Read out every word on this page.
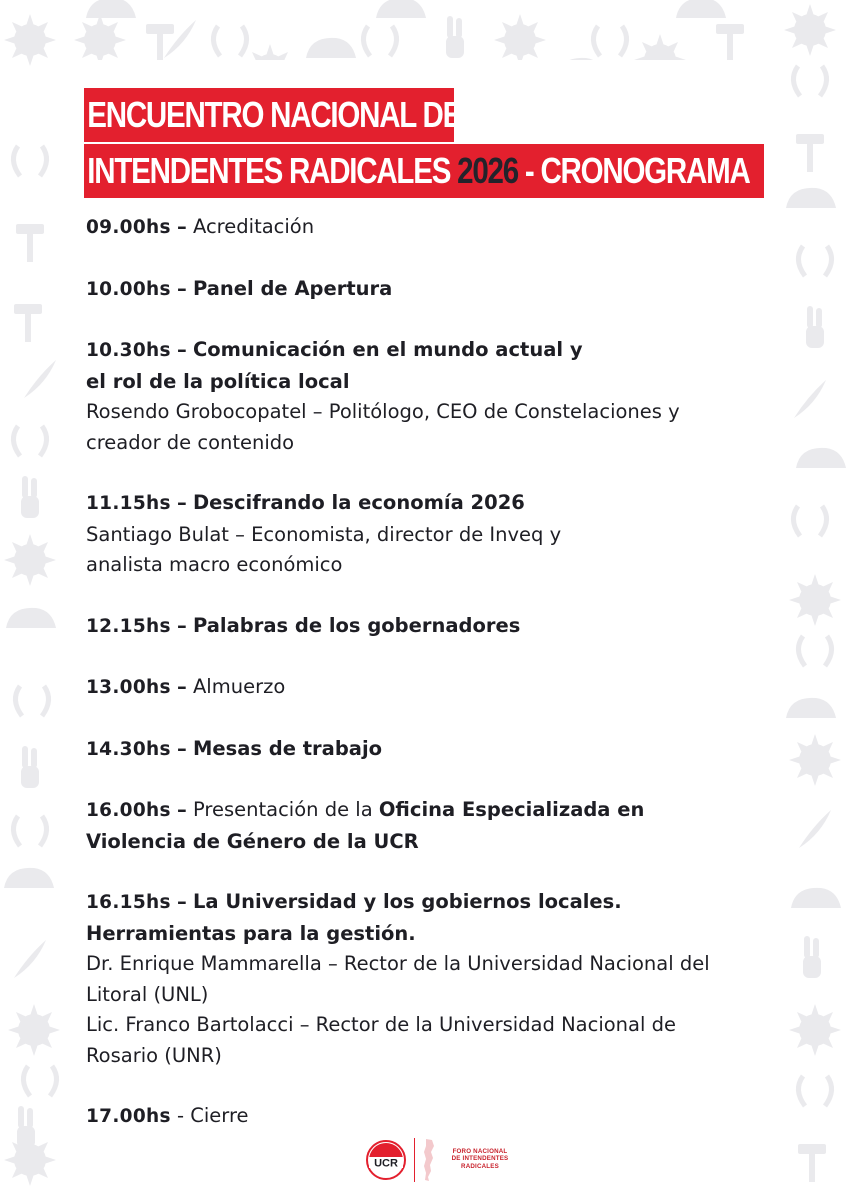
ENCUENTRO NACIONAL DE
INTENDENTES RADICALES 2026 - CRONOGRAMA
09.00hs – Acreditación
10.00hs – Panel de Apertura
10.30hs – Comunicación en el mundo actual y
el rol de la política local
Rosendo Grobocopatel – Politólogo, CEO de Constelaciones y
creador de contenido
11.15hs – Descifrando la economía 2026
Santiago Bulat – Economista, director de Inveq y
analista macro económico
12.15hs – Palabras de los gobernadores
13.00hs – Almuerzo
14.30hs – Mesas de trabajo
16.00hs – Presentación de la Oficina Especializada en
Violencia de Género de la UCR
16.15hs – La Universidad y los gobiernos locales.
Herramientas para la gestión.
Dr. Enrique Mammarella – Rector de la Universidad Nacional del
Litoral (UNL)
Lic. Franco Bartolacci – Rector de la Universidad Nacional de
Rosario (UNR)
17.00hs - Cierre
UCR
FORO NACIONAL
DE INTENDENTES
RADICALES
